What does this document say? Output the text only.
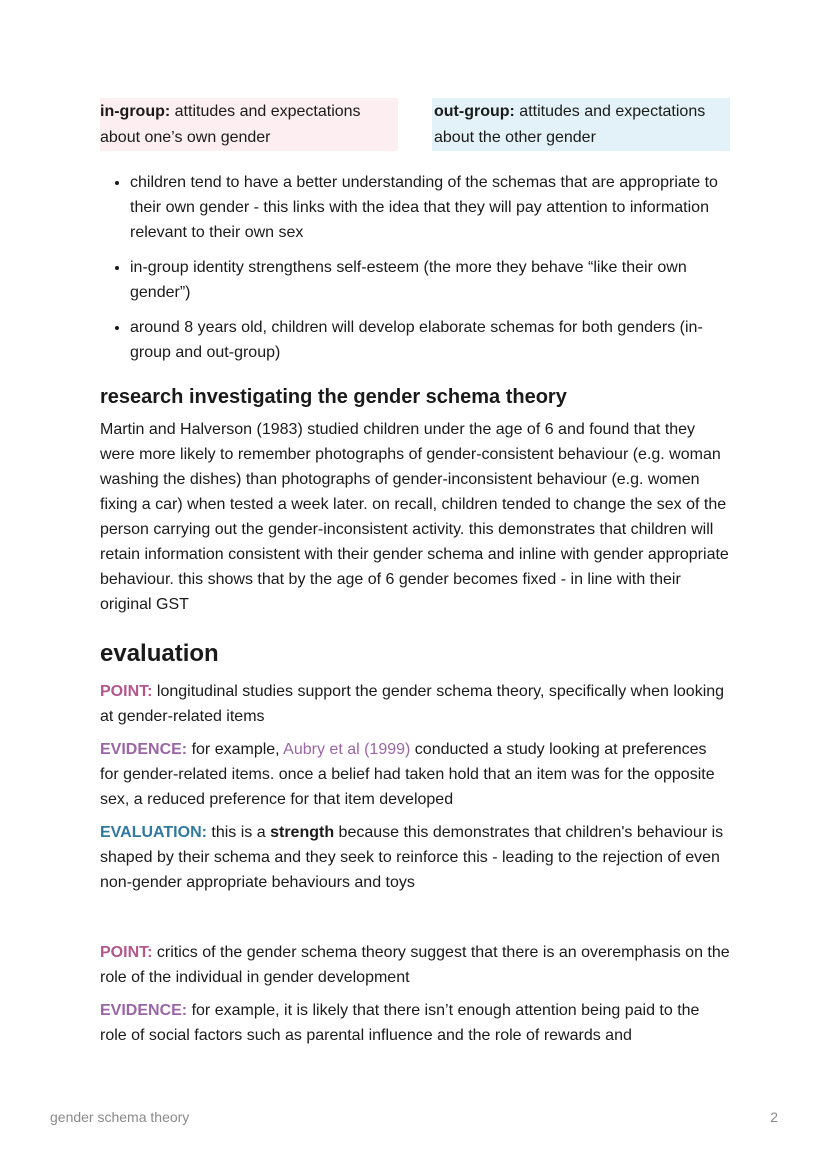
in-group: attitudes and expectations about one’s own gender
out-group: attitudes and expectations about the other gender
• children tend to have a better understanding of the schemas that are appropriate to their own gender - this links with the idea that they will pay attention to information relevant to their own sex
• in-group identity strengthens self-esteem (the more they behave “like their own gender”)
• around 8 years old, children will develop elaborate schemas for both genders (in-group and out-group)
research investigating the gender schema theory

Martin and Halverson (1983) studied children under the age of 6 and found that they were more likely to remember photographs of gender-consistent behaviour (e.g. woman washing the dishes) than photographs of gender-inconsistent behaviour (e.g. women fixing a car) when tested a week later. on recall, children tended to change the sex of the person carrying out the gender-inconsistent activity. this demonstrates that children will retain information consistent with their gender schema and inline with gender appropriate behaviour. this shows that by the age of 6 gender becomes fixed - in line with their original GST

evaluation

POINT: longitudinal studies support the gender schema theory, specifically when looking at gender-related items

EVIDENCE: for example, Aubry et al (1999) conducted a study looking at preferences  for gender-related items. once a belief had taken hold that an item was for the opposite sex, a reduced preference for that item developed

EVALUATION: this is a strength because this demonstrates that children's behaviour is shaped by their schema and they seek to reinforce this - leading to the rejection of even non-gender appropriate behaviours and toys

POINT: critics of the gender schema theory suggest that there is an overemphasis on the role of the individual in gender development

EVIDENCE: for example, it is likely that there isn’t enough attention being paid to the role of social factors such as parental influence and the role of rewards and

gender schema theory	2
